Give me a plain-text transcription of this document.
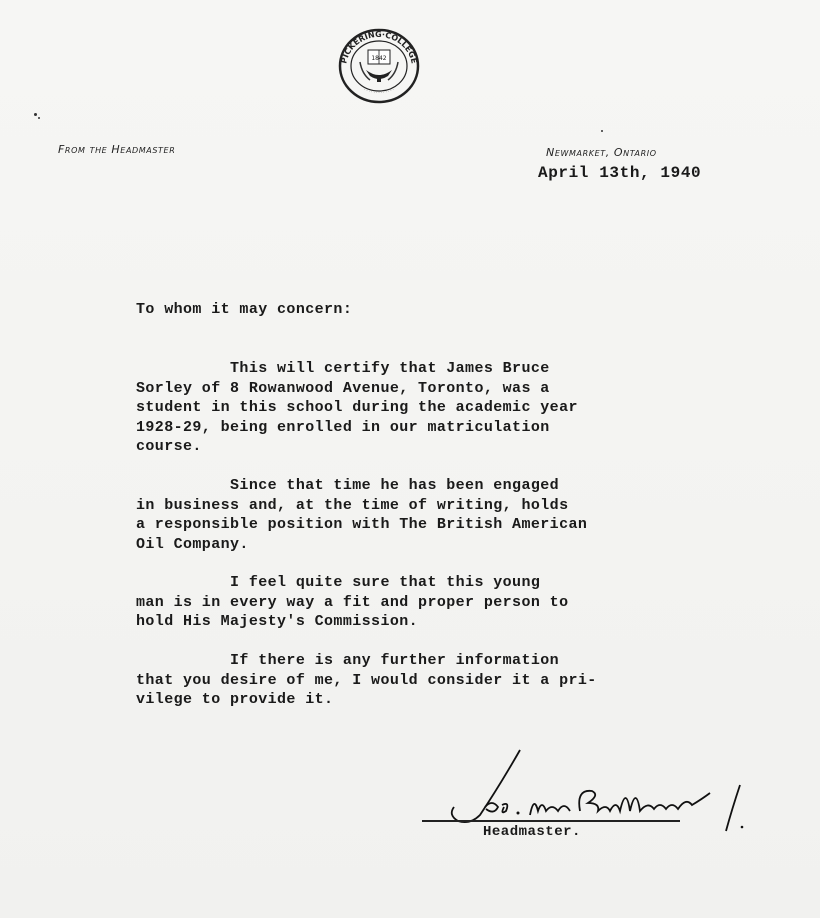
PICKERING·COLLEGE
· · · · · · · · · · · · ·
1842
From the Headmaster	Newmarket, Ontario
April 13th, 1940
To whom it may concern:
This will certify that James Bruce
Sorley of 8 Rowanwood Avenue, Toronto, was a
student in this school during the academic year
1928-29, being enrolled in our matriculation
course.
Since that time he has been engaged
in business and, at the time of writing, holds
a responsible position with The British American
Oil Company.
I feel quite sure that this young
man is in every way a fit and proper person to
hold His Majesty's Commission.
If there is any further information
that you desire of me, I would consider it a pri-
vilege to provide it.
Headmaster.
